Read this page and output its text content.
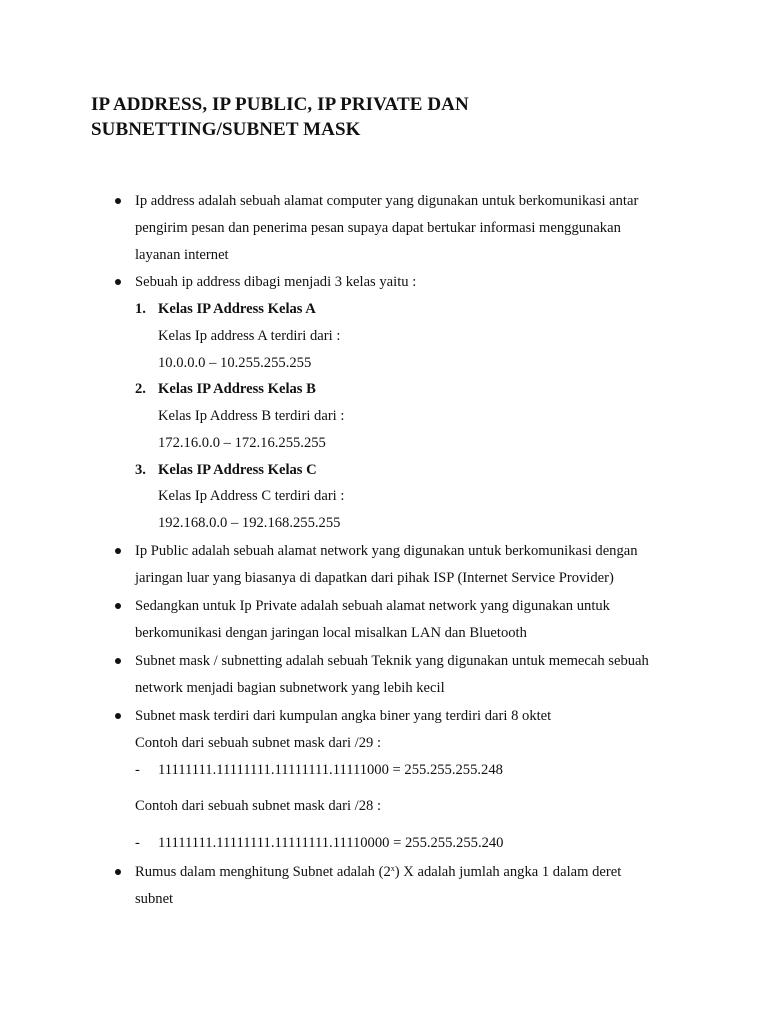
IP ADDRESS, IP PUBLIC, IP PRIVATE DAN
SUBNETTING/SUBNET MASK
Ip address adalah sebuah alamat computer yang digunakan untuk berkomunikasi antar
pengirim pesan dan penerima pesan supaya dapat bertukar informasi menggunakan
layanan internet
Sebuah ip address dibagi menjadi 3 kelas yaitu :
1. Kelas IP Address Kelas A
Kelas Ip address A terdiri dari :
10.0.0.0 – 10.255.255.255
2. Kelas IP Address Kelas B
Kelas Ip Address B terdiri dari :
172.16.0.0 – 172.16.255.255
3. Kelas IP Address Kelas C
Kelas Ip Address C terdiri dari :
192.168.0.0 – 192.168.255.255
Ip Public adalah sebuah alamat network yang digunakan untuk berkomunikasi dengan
jaringan luar yang biasanya di dapatkan dari pihak ISP (Internet Service Provider)
Sedangkan untuk Ip Private adalah sebuah alamat network yang digunakan untuk
berkomunikasi dengan jaringan local misalkan LAN dan Bluetooth
Subnet mask / subnetting adalah sebuah Teknik yang digunakan untuk memecah sebuah
network menjadi bagian subnetwork yang lebih kecil
Subnet mask terdiri dari kumpulan angka biner yang terdiri dari 8 oktet
Contoh dari sebuah subnet mask dari /29 :
- 11111111.11111111.11111111.11111000 = 255.255.255.248
Contoh dari sebuah subnet mask dari /28 :
- 11111111.11111111.11111111.11110000 = 255.255.255.240
Rumus dalam menghitung Subnet adalah (2$^x$) X adalah jumlah angka 1 dalam deret
subnet
